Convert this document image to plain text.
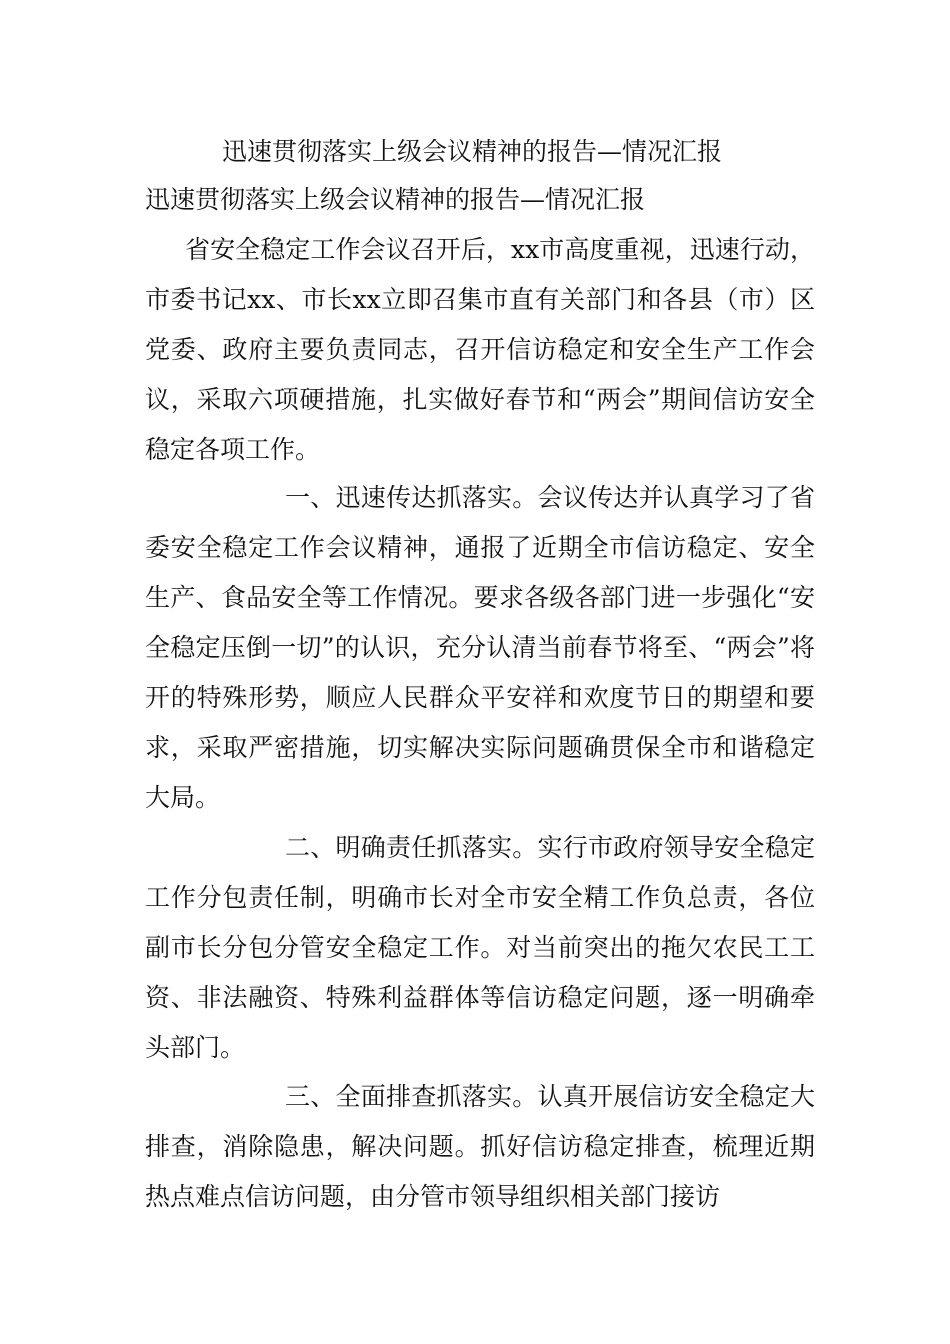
迅速贯彻落实上级会议精神的报告—情况汇报
迅速贯彻落实上级会议精神的报告—情况汇报

省安全稳定工作会议召开后，xx市高度重视，迅速行动，市委书记xx、市长xx立即召集市直有关部门和各县（市）区党委、政府主要负责同志，召开信访稳定和安全生产工作会议，采取六项硬措施，扎实做好春节和“两会”期间信访安全稳定各项工作。

一、迅速传达抓落实。会议传达并认真学习了省委安全稳定工作会议精神，通报了近期全市信访稳定、安全生产、食品安全等工作情况。要求各级各部门进一步强化“安全稳定压倒一切”的认识，充分认清当前春节将至、“两会”将开的特殊形势，顺应人民群众平安祥和欢度节日的期望和要求，采取严密措施，切实解决实际问题确贯保全市和谐稳定大局。

二、明确责任抓落实。实行市政府领导安全稳定工作分包责任制，明确市长对全市安全精工作负总责，各位副市长分包分管安全稳定工作。对当前突出的拖欠农民工工资、非法融资、特殊利益群体等信访稳定问题，逐一明确牵头部门。

三、全面排查抓落实。认真开展信访安全稳定大排查，消除隐患，解决问题。抓好信访稳定排查，梳理近期热点难点信访问题，由分管市领导组织相关部门接访
